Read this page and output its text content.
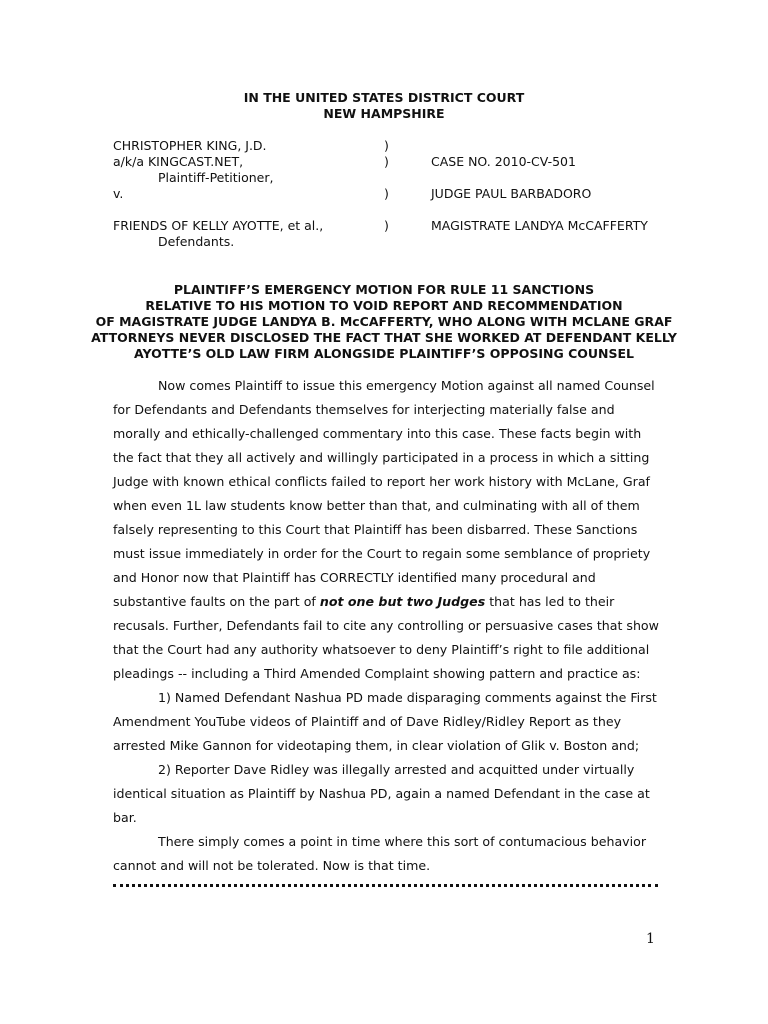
IN THE UNITED STATES DISTRICT COURT
NEW HAMPSHIRE
CHRISTOPHER KING, J.D.
a/k/a KINGCAST.NET,
Plaintiff-Petitioner,
v.
FRIENDS OF KELLY AYOTTE, et al.,
Defendants.
)
)
)
)
CASE NO. 2010-CV-501
JUDGE PAUL BARBADORO
MAGISTRATE LANDYA McCAFFERTY
PLAINTIFF’S EMERGENCY MOTION FOR RULE 11 SANCTIONS
RELATIVE TO HIS MOTION TO VOID REPORT AND RECOMMENDATION
OF MAGISTRATE JUDGE LANDYA B. McCAFFERTY, WHO ALONG WITH MCLANE GRAF
ATTORNEYS NEVER DISCLOSED THE FACT THAT SHE WORKED AT DEFENDANT KELLY
AYOTTE’S OLD LAW FIRM ALONGSIDE PLAINTIFF’S OPPOSING COUNSEL
Now comes Plaintiff to issue this emergency Motion against all named Counsel
for Defendants and Defendants themselves for interjecting materially false and
morally and ethically-challenged commentary into this case. These facts begin with
the fact that they all actively and willingly participated in a process in which a sitting
Judge with known ethical conflicts failed to report her work history with McLane, Graf
when even 1L law students know better than that, and culminating with all of them
falsely representing to this Court that Plaintiff has been disbarred. These Sanctions
must issue immediately in order for the Court to regain some semblance of propriety
and Honor now that Plaintiff has CORRECTLY identified many procedural and
substantive faults on the part of not one but two Judges that has led to their
recusals. Further, Defendants fail to cite any controlling or persuasive cases that show
that the Court had any authority whatsoever to deny Plaintiff’s right to file additional
pleadings -- including a Third Amended Complaint showing pattern and practice as:
1) Named Defendant Nashua PD made disparaging comments against the First
Amendment YouTube videos of Plaintiff and of Dave Ridley/Ridley Report as they
arrested Mike Gannon for videotaping them, in clear violation of Glik v. Boston and;
2) Reporter Dave Ridley was illegally arrested and acquitted under virtually
identical situation as Plaintiff by Nashua PD, again a named Defendant in the case at
bar.
There simply comes a point in time where this sort of contumacious behavior
cannot and will not be tolerated. Now is that time.
1
